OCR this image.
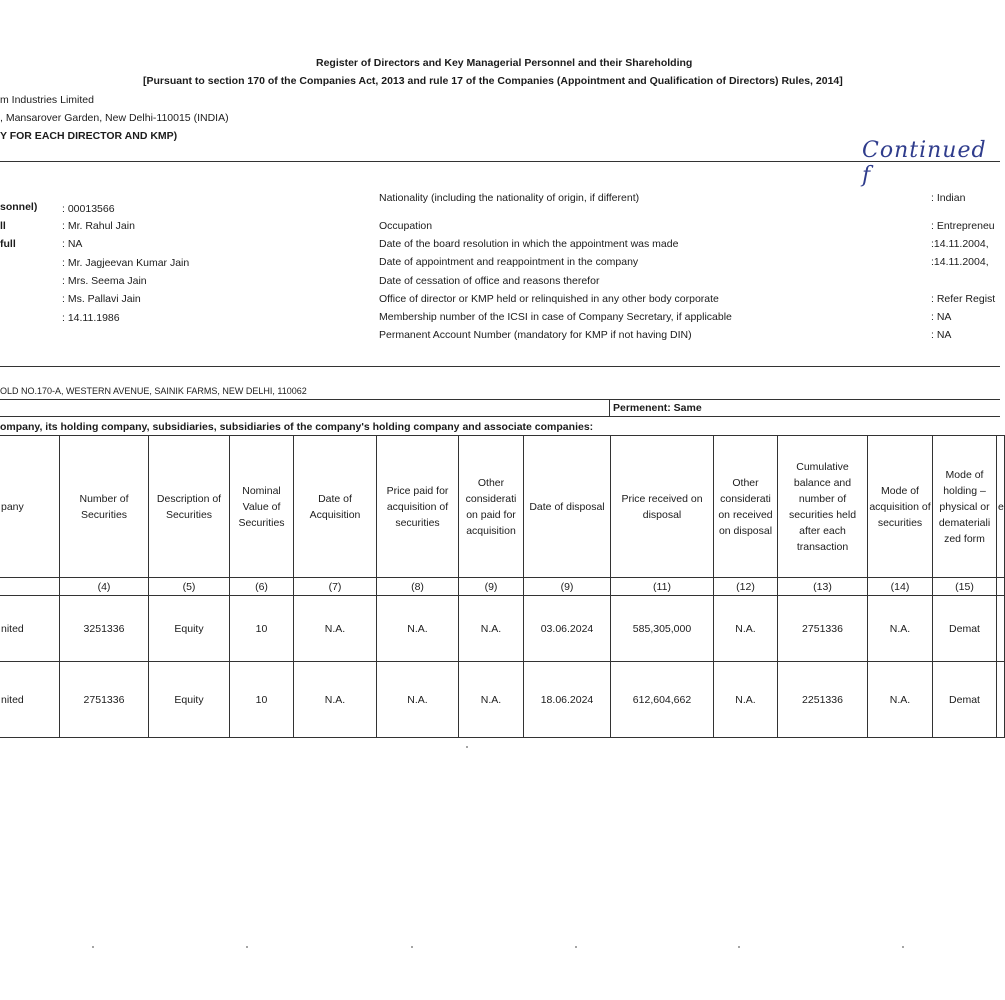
Register of Directors and Key Managerial Personnel and their Shareholding
[Pursuant to section 170 of the Companies Act, 2013 and rule 17 of the Companies (Appointment and Qualification of Directors) Rules, 2014]
m Industries Limited
, Mansarover Garden, New Delhi-110015 (INDIA)
Y FOR EACH DIRECTOR AND KMP)
Continued f
sonnel) : 00013566
ll	: Mr. Rahul Jain
full	: NA
: Mr. Jagjeevan Kumar Jain
: Mrs. Seema Jain
: Ms. Pallavi Jain
: 14.11.1986
Nationality (including the nationality of origin, if different)	: Indian
Occupation	: Entrepreneu
Date of the board resolution in which the appointment was made	:14.11.2004,
Date of appointment and reappointment in the company	:14.11.2004,
Date of cessation of office and reasons therefor
Office of director or KMP held or relinquished in any other body corporate	: Refer Regist
Membership number of the ICSI in case of Company Secretary, if applicable	: NA
Permanent Account Number (mandatory for KMP if not having DIN)	: NA
OLD NO.170-A, WESTERN AVENUE, SAINIK FARMS, NEW DELHI, 110062
Permenent: Same
ompany, its holding company, subsidiaries, subsidiaries of the company's holding company and associate companies:
pany	Number of Securities	Description of Securities	Nominal Value of Securities	Date of Acquisition	Price paid for acquisition of securities	Other considerati on paid for acquisition	Date of disposal	Price received on disposal	Other considerati on received on disposal	Cumulative balance and number of securities held after each transaction	Mode of acquisition of securities	Mode of holding – physical or demateriali zed form	e
	(4)	(5)	(6)	(7)	(8)	(9)	(9)	(11)	(12)	(13)	(14)	(15)	
nited	3251336	Equity	10	N.A.	N.A.	N.A.	03.06.2024	585,305,000	N.A.	2751336	N.A.	Demat	
nited	2751336	Equity	10	N.A.	N.A.	N.A.	18.06.2024	612,604,662	N.A.	2251336	N.A.	Demat	
